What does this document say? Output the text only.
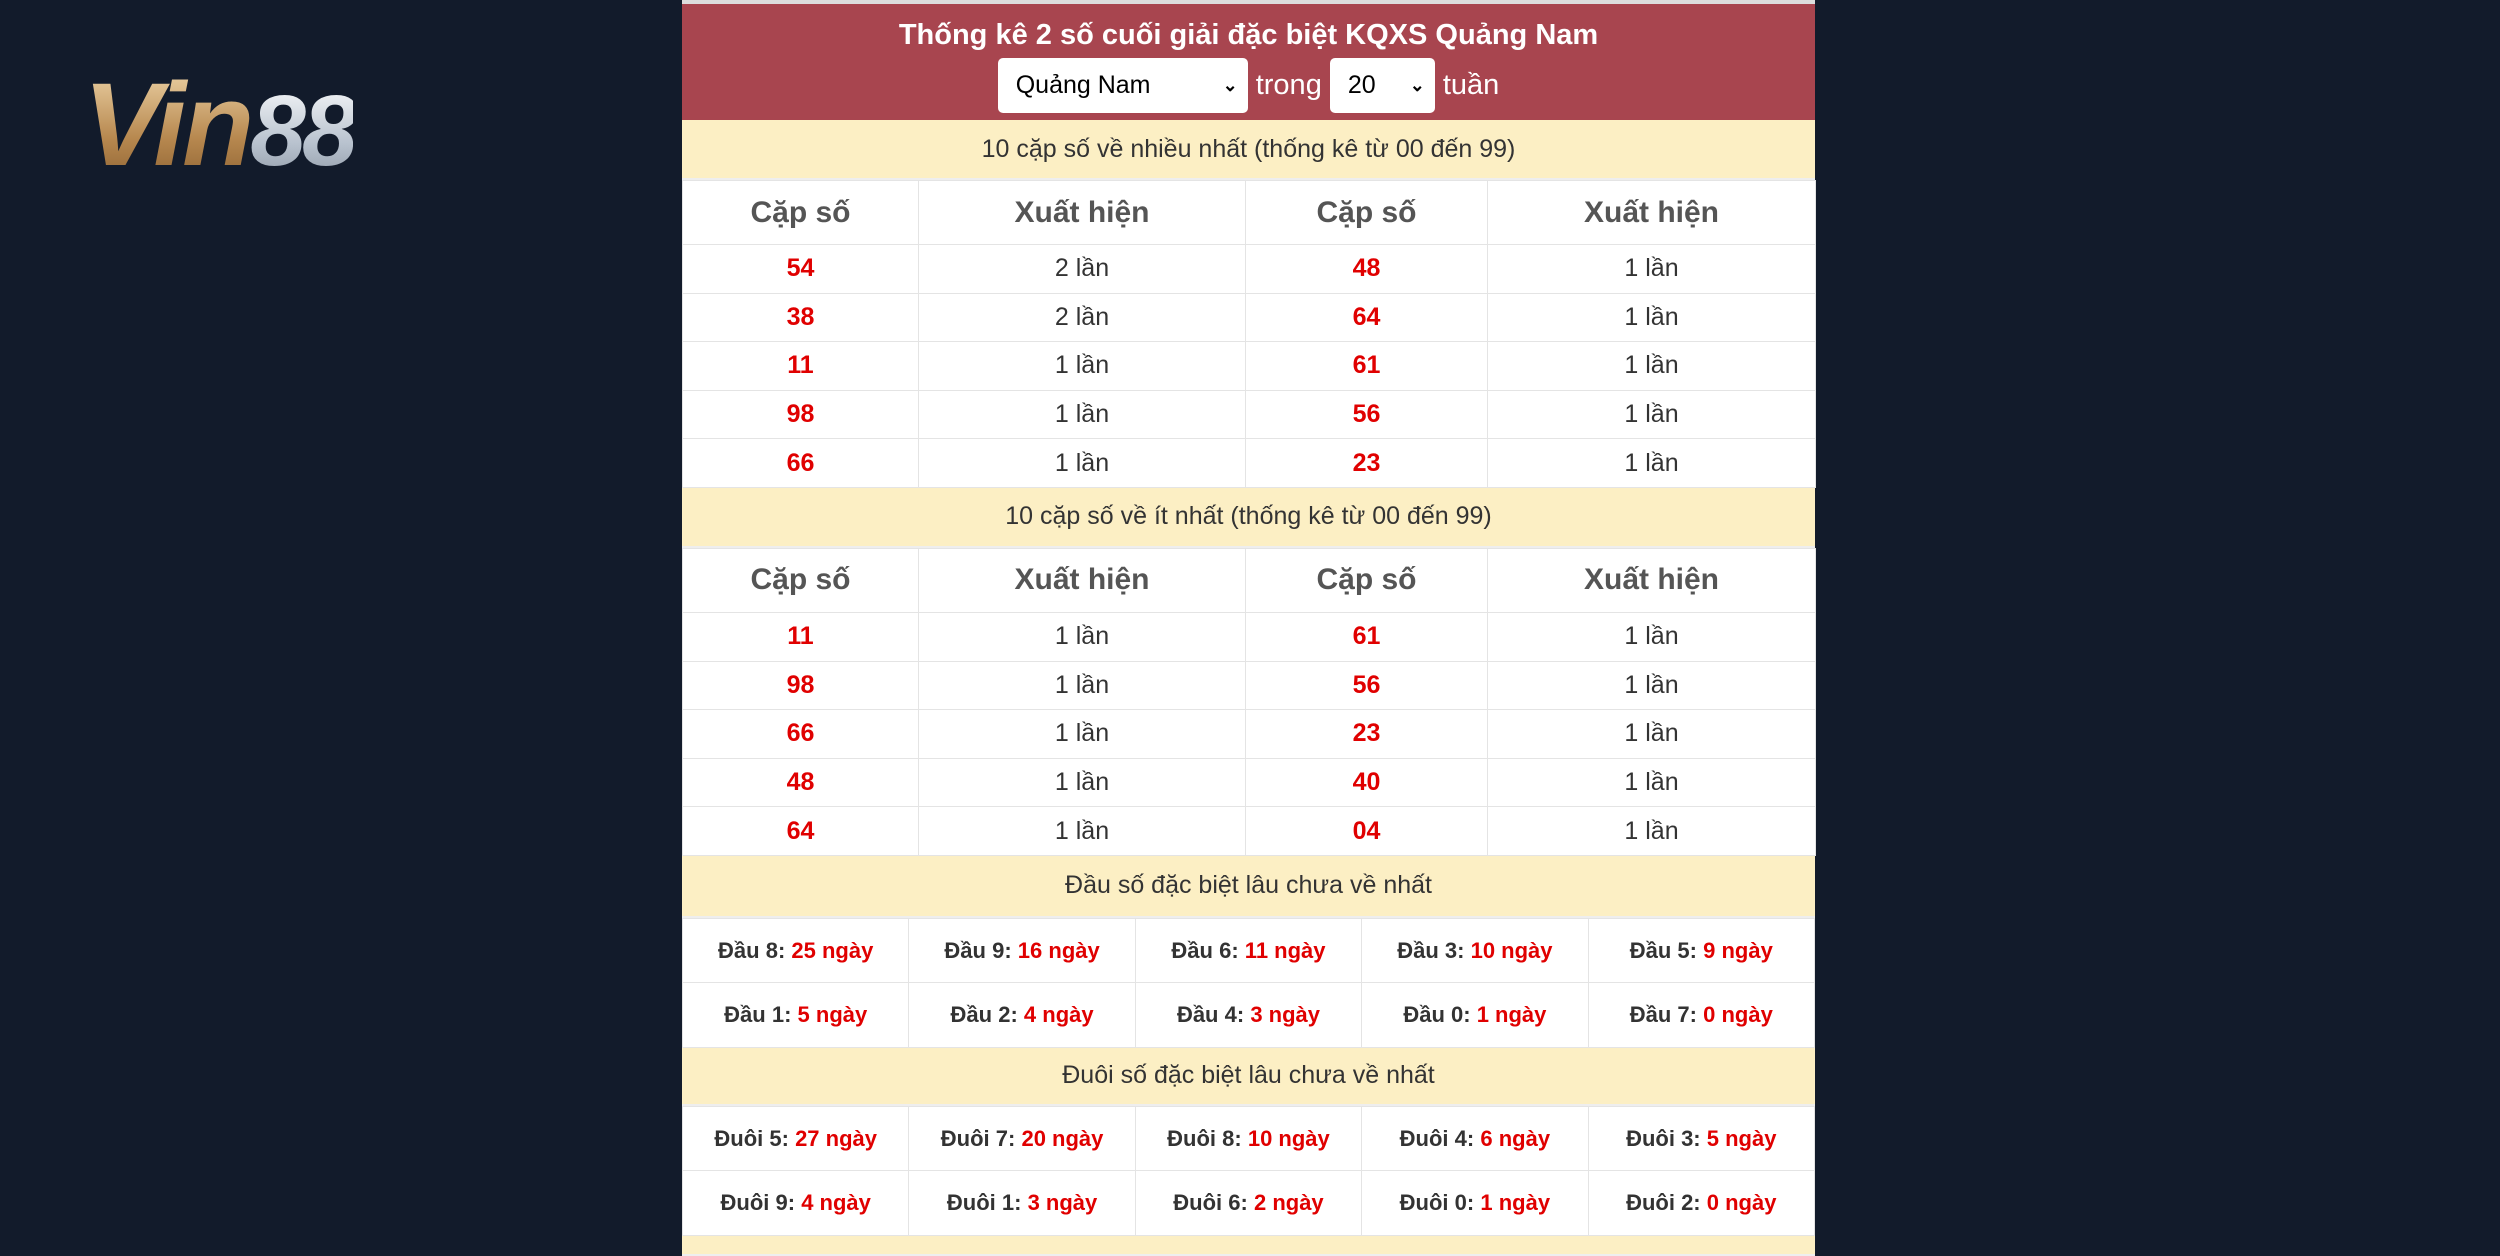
Vin88
Thống kê 2 số cuối giải đặc biệt KQXS Quảng Nam
Quảng Nam	⌄ trong 20 ⌄ tuần
10 cặp số về nhiều nhất (thống kê từ 00 đến 99)
Cặp số	Xuất hiện	Cặp số	Xuất hiện
54	2 lần	48	1 lần
38	2 lần	64	1 lần
11	1 lần	61	1 lần
98	1 lần	56	1 lần
66	1 lần	23	1 lần
10 cặp số về ít nhất (thống kê từ 00 đến 99)
Cặp số	Xuất hiện	Cặp số	Xuất hiện
11	1 lần	61	1 lần
98	1 lần	56	1 lần
66	1 lần	23	1 lần
48	1 lần	40	1 lần
64	1 lần	04	1 lần
Đầu số đặc biệt lâu chưa về nhất
Đầu 8: 25 ngày	Đầu 9: 16 ngày	Đầu 6: 11 ngày	Đầu 3: 10 ngày	Đầu 5: 9 ngày
Đầu 1: 5 ngày	Đầu 2: 4 ngày	Đầu 4: 3 ngày	Đầu 0: 1 ngày	Đầu 7: 0 ngày
Đuôi số đặc biệt lâu chưa về nhất
Đuôi 5: 27 ngày	Đuôi 7: 20 ngày	Đuôi 8: 10 ngày	Đuôi 4: 6 ngày	Đuôi 3: 5 ngày
Đuôi 9: 4 ngày	Đuôi 1: 3 ngày	Đuôi 6: 2 ngày	Đuôi 0: 1 ngày	Đuôi 2: 0 ngày
